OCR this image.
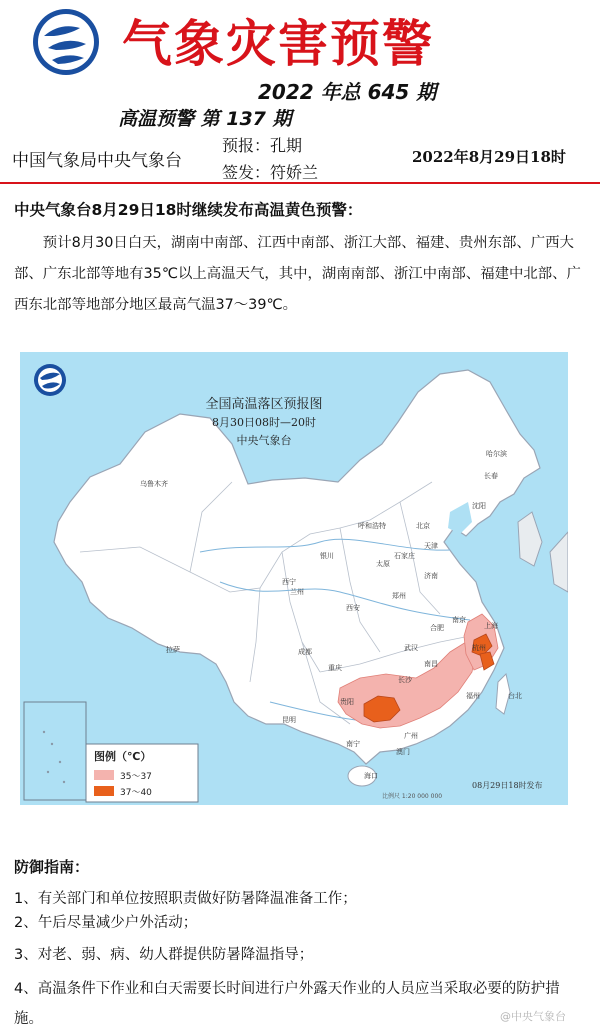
气象灾害预警
2022 年总 645 期
高温预警 第 137 期
中国气象局中央气象台
预报：孔期
签发：符娇兰
2022年8月29日18时
中央气象台8月29日18时继续发布高温黄色预警：
预计8月30日白天，湖南中南部、江西中南部、浙江大部、福建、贵州东部、广西大部、广东北部等地有35℃以上高温天气，其中，湖南南部、浙江中南部、福建中北部、广西东北部等地部分地区最高气温37～39℃。
全国高温落区预报图
8月30日08时—20时
中央气象台
乌鲁木齐
哈尔滨
长春
沈阳
呼和浩特	北京
天津
银川
太原
石家庄
济南
西宁
兰州	郑州
西安
南京
合肥	上海
拉萨	成都	武汉	杭州
重庆
长沙
南昌
贵阳
福州	台北
昆明
广州
南宁
澳门
海口
图例（℃）
35～37
37～40	比例尺 1:20 000 000
08月29日18时发布
防御指南：
1、有关部门和单位按照职责做好防暑降温准备工作；
2、午后尽量减少户外活动；
3、对老、弱、病、幼人群提供防暑降温指导；
4、高温条件下作业和白天需要长时间进行户外露天作业的人员应当采取必要的防护措施。	@中央气象台
